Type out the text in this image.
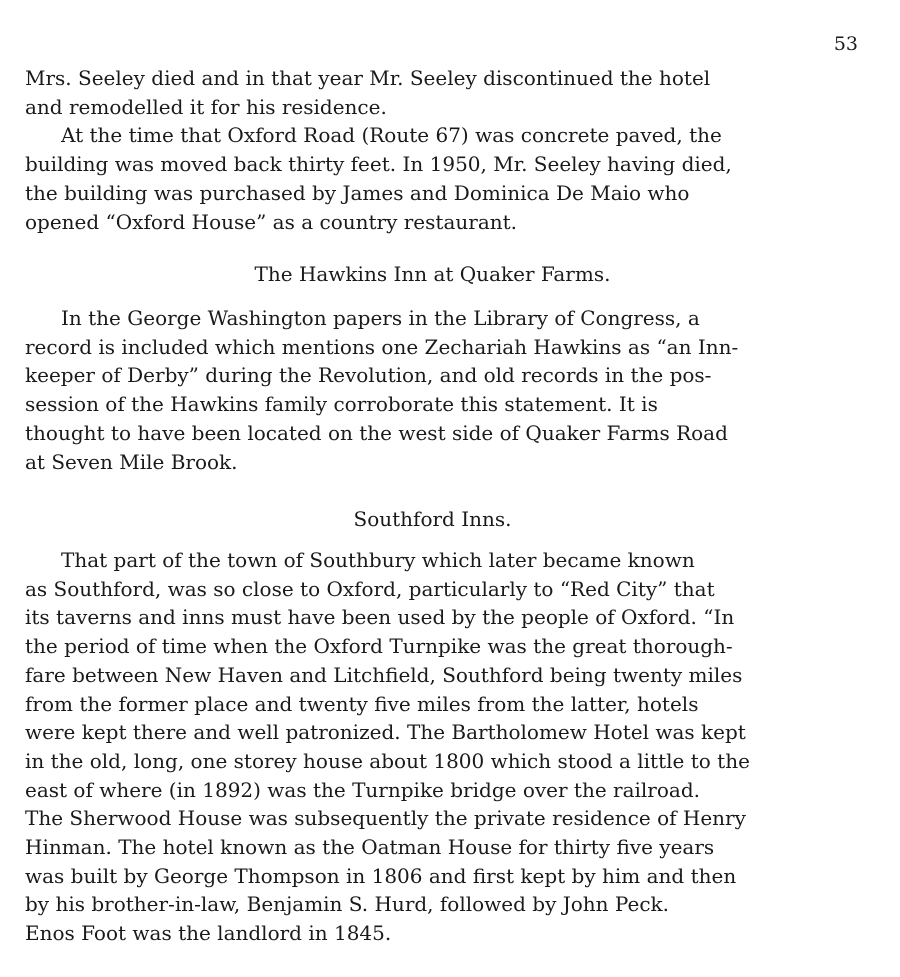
53
Mrs. Seeley died and in that year Mr. Seeley discontinued the hotel
and remodelled it for his residence.
At the time that Oxford Road (Route 67) was concrete paved, the
building was moved back thirty feet. In 1950, Mr. Seeley having died,
the building was purchased by James and Dominica De Maio who
opened “Oxford House” as a country restaurant.
The Hawkins Inn at Quaker Farms.
In the George Washington papers in the Library of Congress, a
record is included which mentions one Zechariah Hawkins as “an Inn-
keeper of Derby” during the Revolution, and old records in the pos-
session of the Hawkins family corroborate this statement. It is
thought to have been located on the west side of Quaker Farms Road
at Seven Mile Brook.
Southford Inns.
That part of the town of Southbury which later became known
as Southford, was so close to Oxford, particularly to “Red City” that
its taverns and inns must have been used by the people of Oxford. “In
the period of time when the Oxford Turnpike was the great thorough-
fare between New Haven and Litchfield, Southford being twenty miles
from the former place and twenty five miles from the latter, hotels
were kept there and well patronized. The Bartholomew Hotel was kept
in the old, long, one storey house about 1800 which stood a little to the
east of where (in 1892) was the Turnpike bridge over the railroad.
The Sherwood House was subsequently the private residence of Henry
Hinman. The hotel known as the Oatman House for thirty five years
was built by George Thompson in 1806 and first kept by him and then
by his brother-in-law, Benjamin S. Hurd, followed by John Peck.
Enos Foot was the landlord in 1845.
